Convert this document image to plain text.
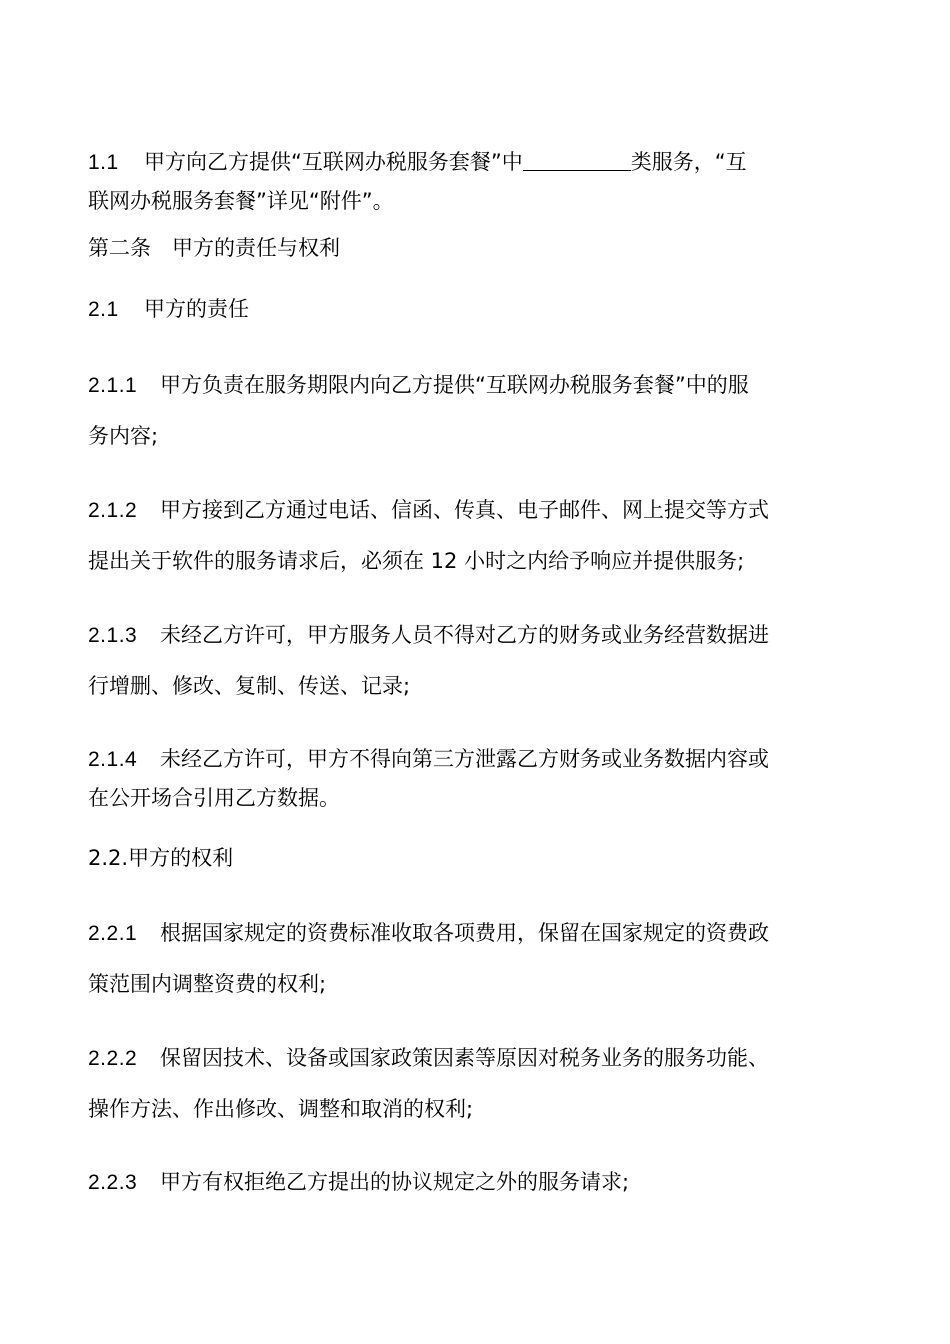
1.1 甲方向乙方提供“互联网办税服务套餐”中	类服务，“互
联网办税服务套餐”详见“附件”。
第二条　甲方的责任与权利
2.1 甲方的责任
2.1.1 甲方负责在服务期限内向乙方提供“互联网办税服务套餐”中的服
务内容;
2.1.2 甲方接到乙方通过电话、信函、传真、电子邮件、网上提交等方式
提出关于软件的服务请求后，必须在 12 小时之内给予响应并提供服务;
2.1.3 未经乙方许可，甲方服务人员不得对乙方的财务或业务经营数据进
行增删、修改、复制、传送、记录;
2.1.4 未经乙方许可，甲方不得向第三方泄露乙方财务或业务数据内容或
在公开场合引用乙方数据。
2.2.甲方的权利
2.2.1 根据国家规定的资费标准收取各项费用，保留在国家规定的资费政
策范围内调整资费的权利;
2.2.2 保留因技术、设备或国家政策因素等原因对税务业务的服务功能、
操作方法、作出修改、调整和取消的权利;
2.2.3 甲方有权拒绝乙方提出的协议规定之外的服务请求;
